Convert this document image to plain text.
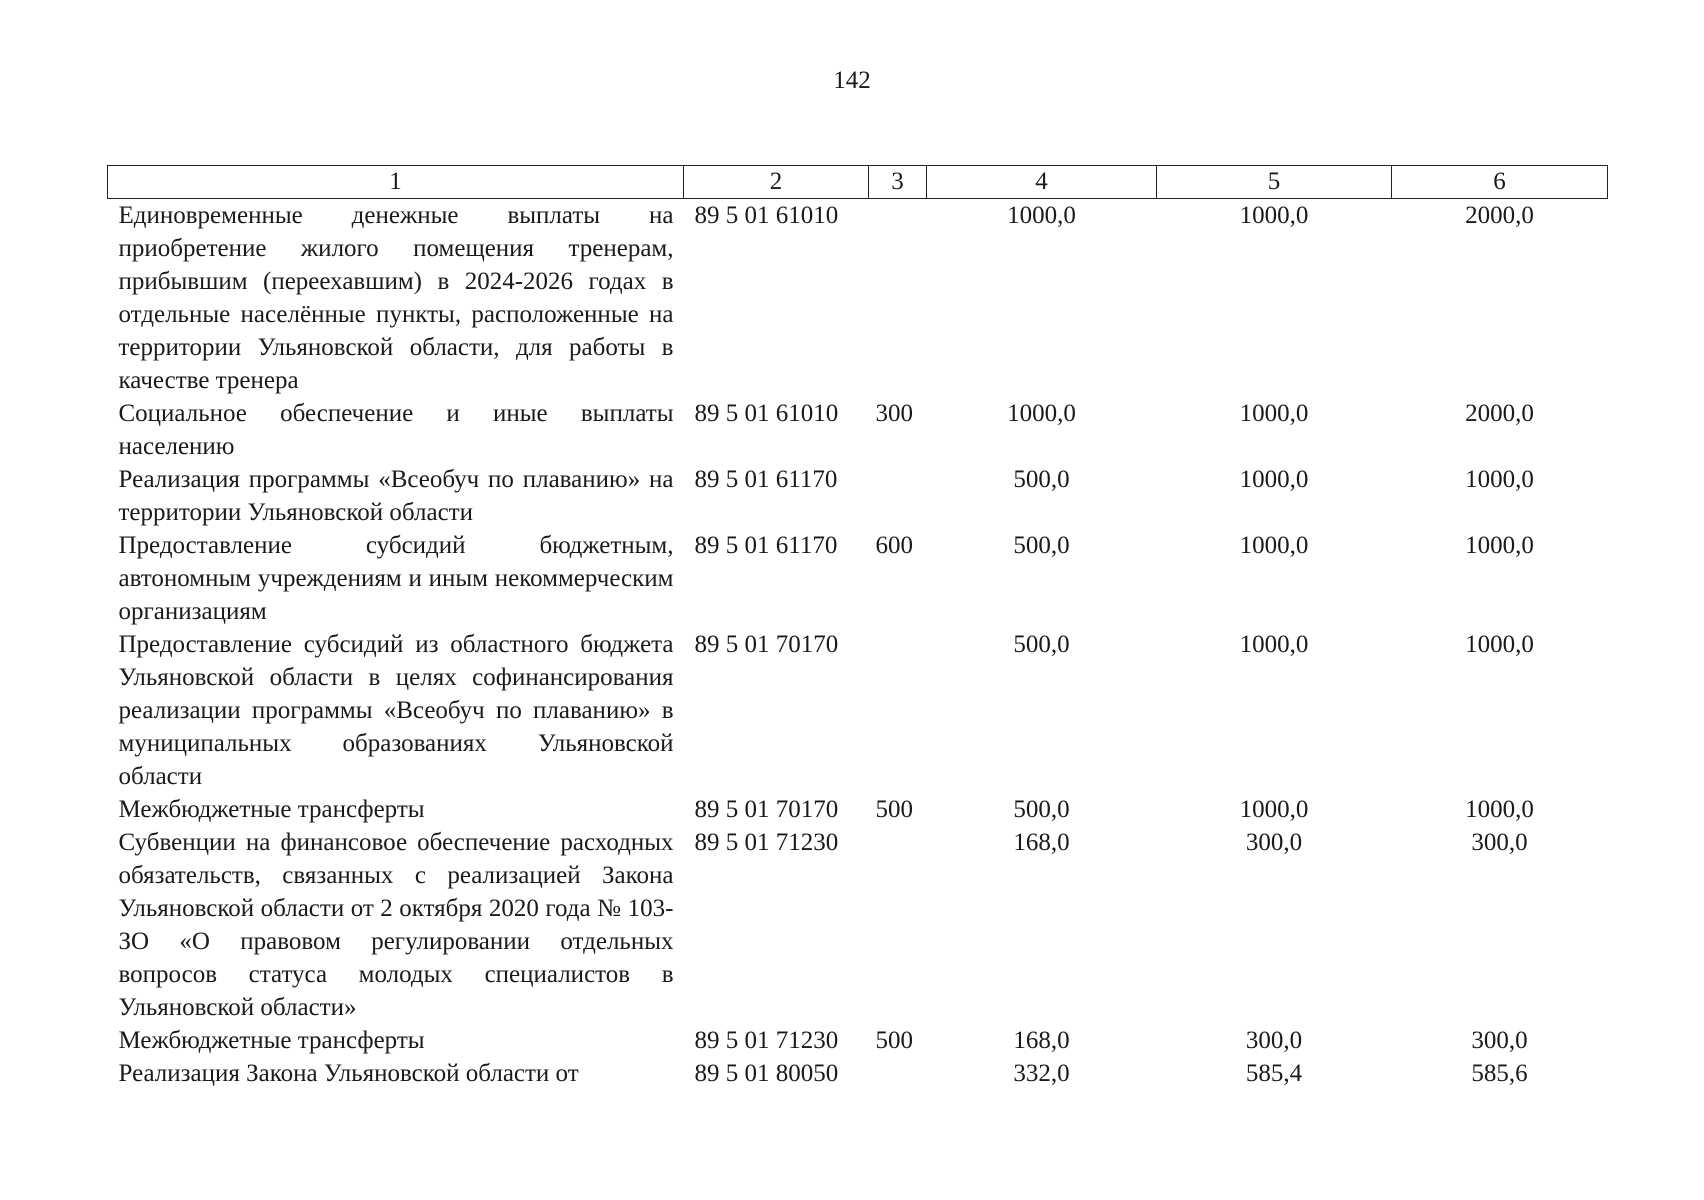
142
1	2	3	4	5	6
Единовременные денежные выплаты на приобретение жилого помещения тренерам, прибывшим (переехавшим) в 2024-2026 годах в отдельные населённые пункты, расположенные на территории Ульяновской области, для работы в качестве тренера	89 5 01 61010		1000,0	1000,0	2000,0
Социальное обеспечение и иные выплаты населению	89 5 01 61010	300	1000,0	1000,0	2000,0
Реализация программы «Всеобуч по плаванию» на территории Ульяновской области	89 5 01 61170		500,0	1000,0	1000,0
Предоставление субсидий бюджетным, автономным учреждениям и иным некоммерческим организациям	89 5 01 61170	600	500,0	1000,0	1000,0
Предоставление субсидий из областного бюджета Ульяновской области в целях софинансирования реализации программы «Всеобуч по плаванию» в муниципальных образованиях Ульяновской области	89 5 01 70170		500,0	1000,0	1000,0
Межбюджетные трансферты	89 5 01 70170	500	500,0	1000,0	1000,0
Субвенции на финансовое обеспечение расходных обязательств, связанных с реализацией Закона Ульяновской области от 2 октября 2020 года № 103-ЗО «О правовом регулировании отдельных вопросов статуса молодых специалистов в Ульяновской области»	89 5 01 71230		168,0	300,0	300,0
Межбюджетные трансферты	89 5 01 71230	500	168,0	300,0	300,0
Реализация Закона Ульяновской области от	89 5 01 80050		332,0	585,4	585,6
